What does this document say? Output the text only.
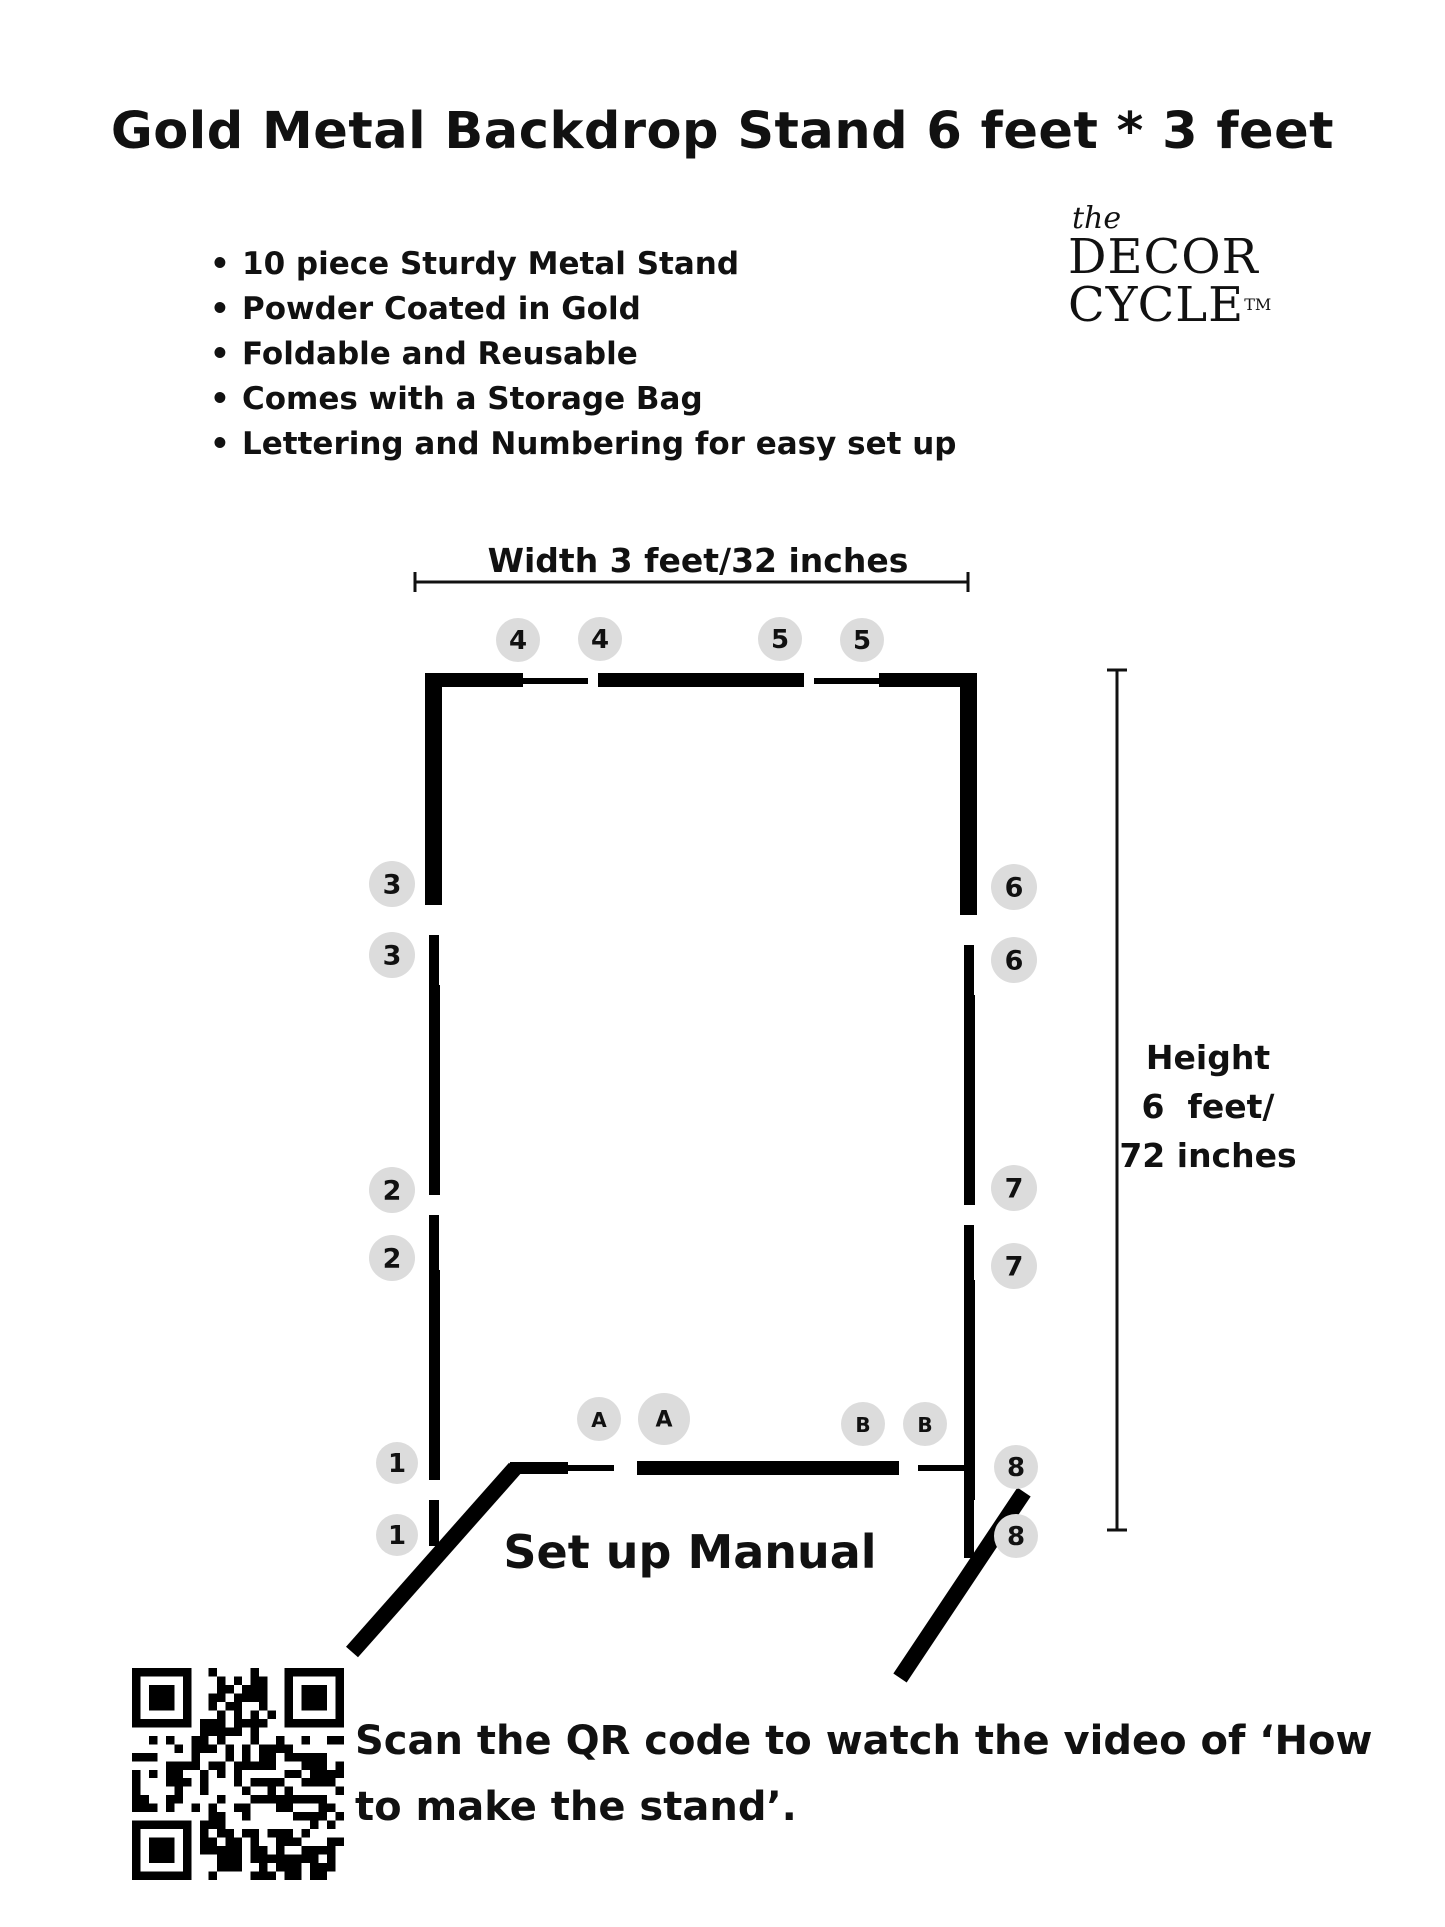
Gold Metal Backdrop Stand 6 feet * 3 feet
• 10 piece Sturdy Metal Stand
• Powder Coated in Gold
• Foldable and Reusable
• Comes with a Storage Bag
• Lettering and Numbering for easy set up
the
DECOR
CYCLE™
Width 3 feet/32 inches
Height
6  feet/
72 inches
4 4	5 5
3
3
2
2
1
1
6
6
7
7
8
8
A A	B B
Set up Manual
Scan the QR code to watch the video of ‘How to make the stand’.
